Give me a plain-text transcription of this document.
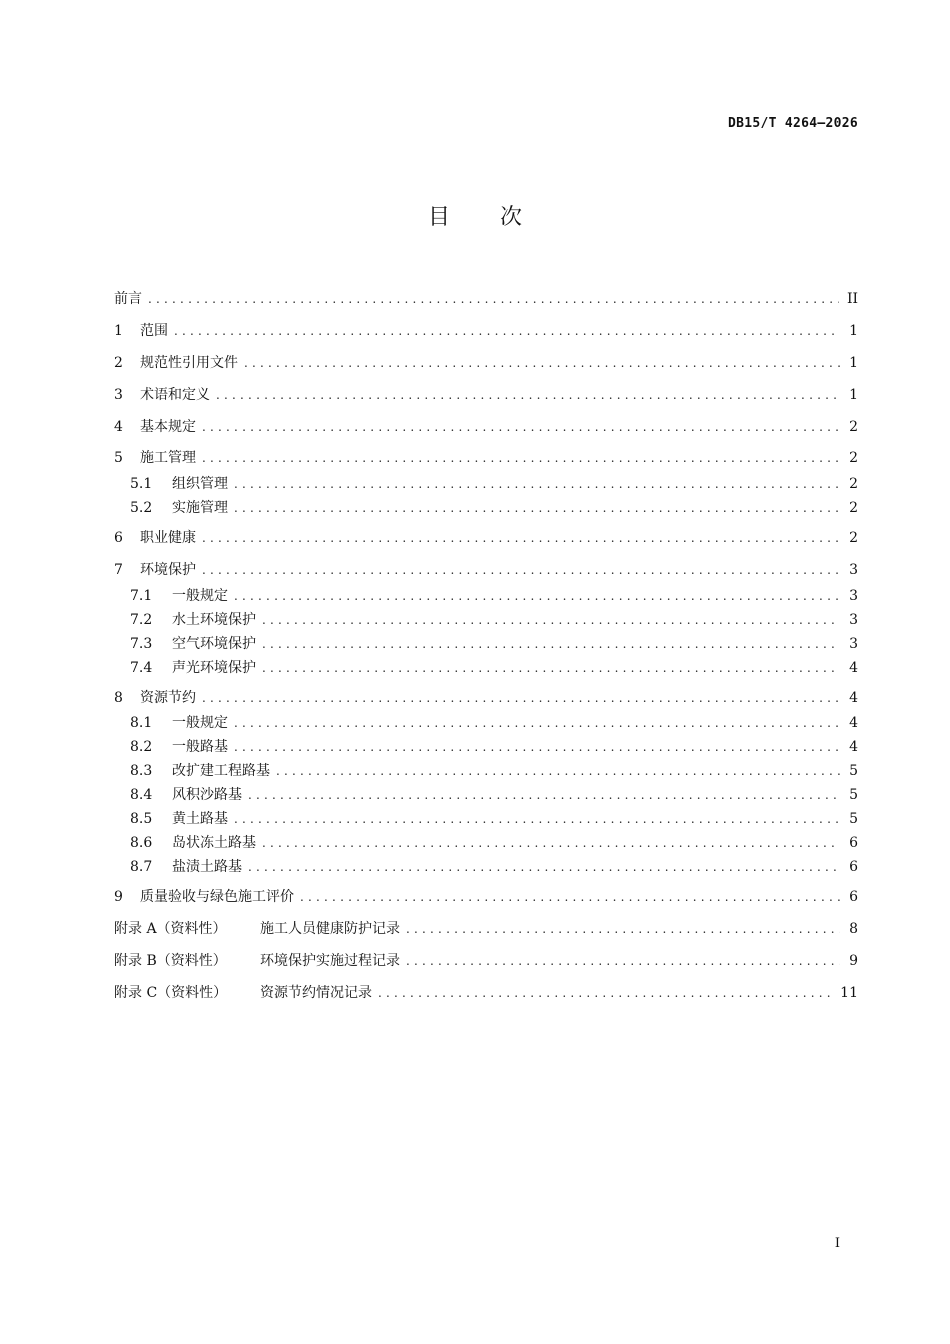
DB15/T 4264—2026
目 次
前言 .....	II
1	范围 .....	1
2	规范性引用文件 .....	1
3	术语和定义 .....	1
4	基本规定 .....	2
5	施工管理 .....	2
5.1	组织管理 .....	2
5.2	实施管理 .....	2
6	职业健康 .....	2
7	环境保护 .....	3
7.1	一般规定 .....	3
7.2	水土环境保护 .....	3
7.3	空气环境保护 .....	3
7.4	声光环境保护 .....	4
8	资源节约 .....	4
8.1	一般规定 .....	4
8.2	一般路基 .....	4
8.3	改扩建工程路基 .....	5
8.4	风积沙路基 .....	5
8.5	黄土路基 .....	5
8.6	岛状冻土路基 .....	6
8.7	盐渍土路基 .....	6
9	质量验收与绿色施工评价 .....	6
附录 A（资料性）	施工人员健康防护记录 .....	8
附录 B（资料性）	环境保护实施过程记录 .....	9
附录 C（资料性）	资源节约情况记录 .....	11
I
